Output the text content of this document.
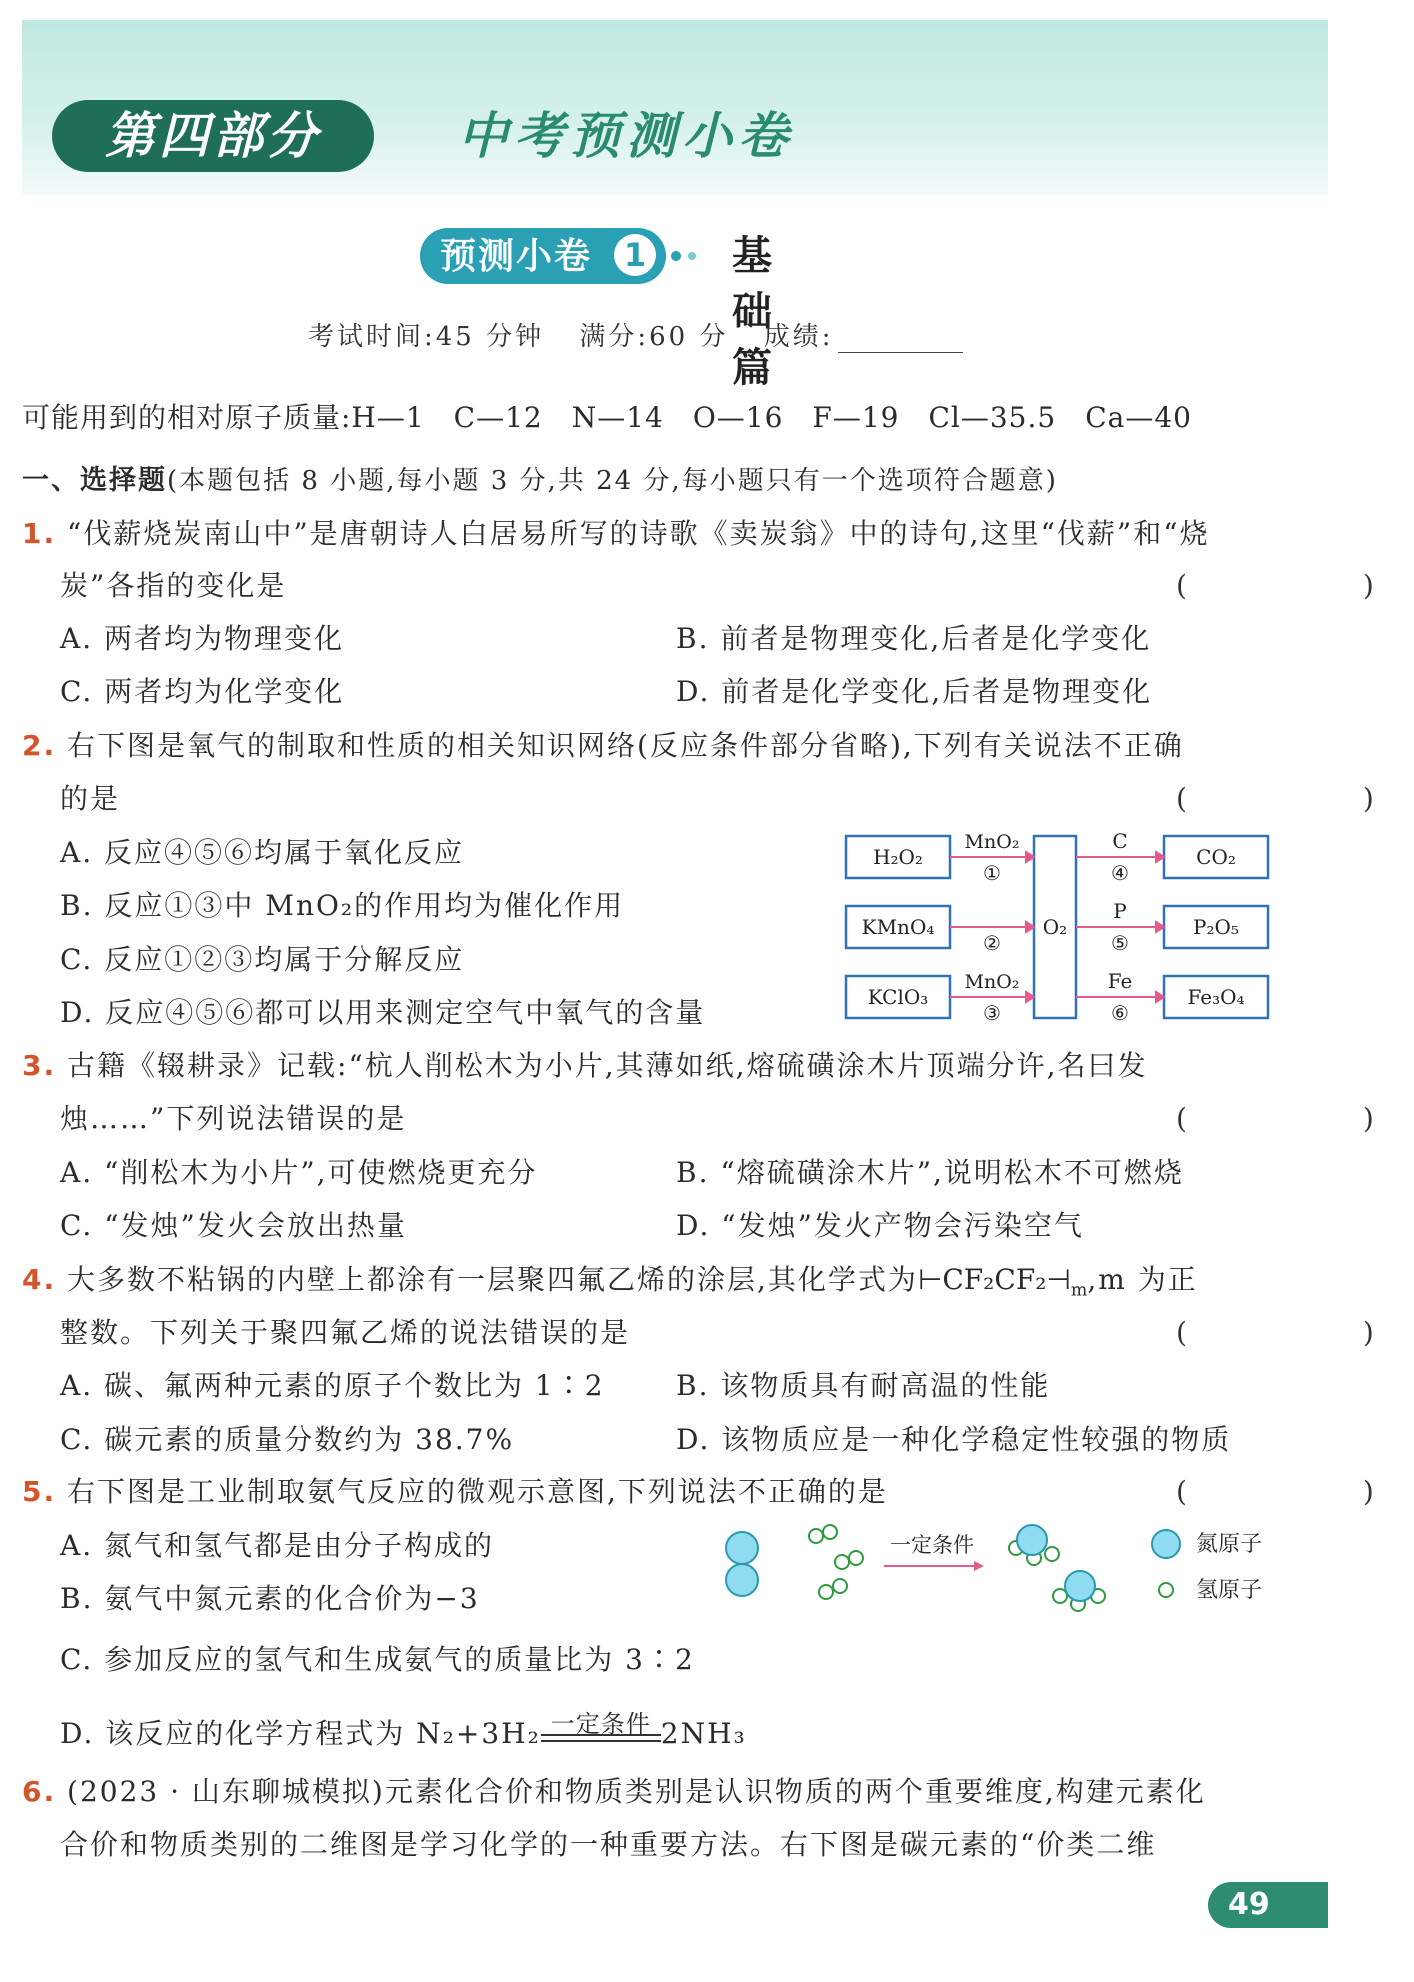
第四部分	中考预测小卷
预测小卷 1 基础篇
考试时间:45 分钟 满分:60 分 成绩:
可能用到的相对原子质量:H—1　C—12　N—14　O—16　F—19　Cl—35.5　Ca—40
一、选择题(本题包括 8 小题,每小题 3 分,共 24 分,每小题只有一个选项符合题意)
1. “伐薪烧炭南山中”是唐朝诗人白居易所写的诗歌《卖炭翁》中的诗句,这里“伐薪”和“烧
炭”各指的变化是	(　　)
A. 两者均为物理变化	B. 前者是物理变化,后者是化学变化
C. 两者均为化学变化	D. 前者是化学变化,后者是物理变化
2. 右下图是氧气的制取和性质的相关知识网络(反应条件部分省略),下列有关说法不正确
的是	(　　)
A. 反应④⑤⑥均属于氧化反应
B. 反应①③中 MnO₂的作用均为催化作用
C. 反应①②③均属于分解反应
D. 反应④⑤⑥都可以用来测定空气中氧气的含量
H₂O₂
KMnO₄
KClO₃
O₂
CO₂
P₂O₅
Fe₃O₄
MnO₂
MnO₂
①
②
③
C
P
Fe
④
⑤
⑥
3. 古籍《辍耕录》记载:“杭人削松木为小片,其薄如纸,熔硫磺涂木片顶端分许,名曰发
烛……”下列说法错误的是	(　　)
A. “削松木为小片”,可使燃烧更充分	B. “熔硫磺涂木片”,说明松木不可燃烧
C. “发烛”发火会放出热量	D. “发烛”发火产物会污染空气
4. 大多数不粘锅的内壁上都涂有一层聚四氟乙烯的涂层,其化学式为$⊢CF_2CF_2⊣_m,m$ 为正
整数。下列关于聚四氟乙烯的说法错误的是	(　　)
A. 碳、氟两种元素的原子个数比为 1∶2	B. 该物质具有耐高温的性能
C. 碳元素的质量分数约为 38.7%	D. 该物质应是一种化学稳定性较强的物质
5. 右下图是工业制取氨气反应的微观示意图,下列说法不正确的是	(　　)
A. 氮气和氢气都是由分子构成的
B. 氨气中氮元素的化合价为−3
C. 参加反应的氢气和生成氨气的质量比为 3∶2
D. 该反应的化学方程式为 N₂+3H₂ 一定条件 2NH₃
一定条件	氮原子
氢原子
6. (2023 · 山东聊城模拟)元素化合价和物质类别是认识物质的两个重要维度,构建元素化
合价和物质类别的二维图是学习化学的一种重要方法。右下图是碳元素的“价类二维
49
